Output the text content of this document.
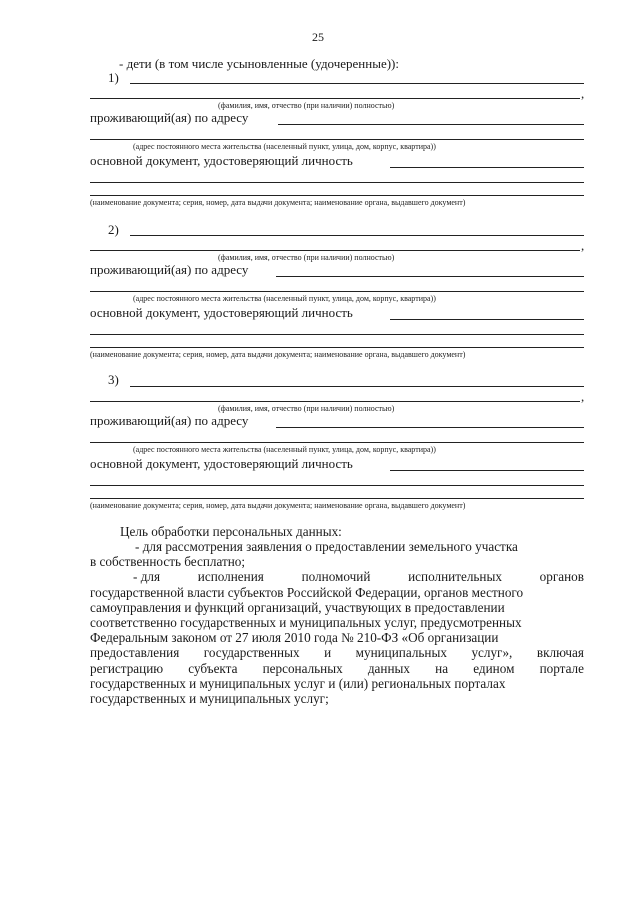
25
- дети (в том числе усыновленные (удочеренные)):
1)
,
(фамилия, имя, отчество (при наличии) полностью)
проживающий(ая) по адресу
(адрес постоянного места жительства (населенный пункт, улица, дом, корпус, квартира))
основной документ, удостоверяющий личность
(наименование документа; серия, номер, дата выдачи документа; наименование органа, выдавшего документ)
2)
,
(фамилия, имя, отчество (при наличии) полностью)
проживающий(ая) по адресу
(адрес постоянного места жительства (населенный пункт, улица, дом, корпус, квартира))
основной документ, удостоверяющий личность
(наименование документа; серия, номер, дата выдачи документа; наименование органа, выдавшего документ)
3)
,
(фамилия, имя, отчество (при наличии) полностью)
проживающий(ая) по адресу
(адрес постоянного места жительства (населенный пункт, улица, дом, корпус, квартира))
основной документ, удостоверяющий личность
(наименование документа; серия, номер, дата выдачи документа; наименование органа, выдавшего документ)
Цель обработки персональных данных:
- для рассмотрения заявления о предоставлении земельного участка
в собственность бесплатно;
- для	исполнения	полномочий	исполнительных	органов
государственной власти субъектов Российской Федерации, органов местного
самоуправления и функций организаций, участвующих в предоставлении
соответственно государственных и муниципальных услуг, предусмотренных
Федеральным законом от 27 июля 2010 года № 210-ФЗ «Об организации
предоставления государственных и муниципальных услуг», включая
регистрацию субъекта персональных данных на едином портале
государственных и муниципальных услуг и (или) региональных порталах
государственных и муниципальных услуг;
